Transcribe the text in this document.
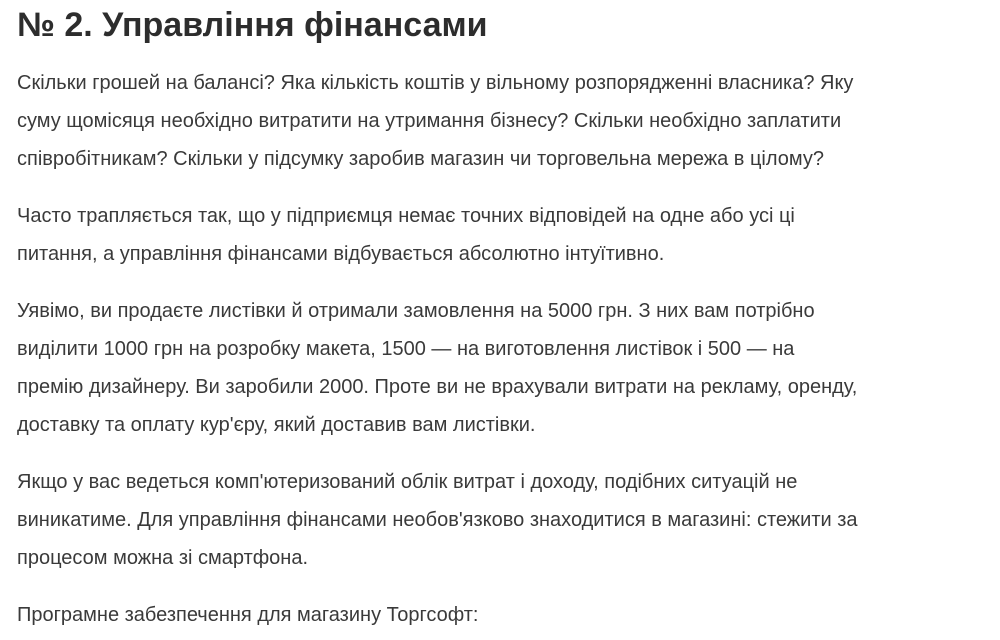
№ 2. Управління фінансами

Скільки грошей на балансі? Яка кількість коштів у вільному розпорядженні власника? Яку
суму щомісяця необхідно витратити на утримання бізнесу? Скільки необхідно заплатити
співробітникам? Скільки у підсумку заробив магазин чи торговельна мережа в цілому?

Часто трапляється так, що у підприємця немає точних відповідей на одне або усі ці
питання, а управління фінансами відбувається абсолютно інтуїтивно.

Уявімо, ви продаєте листівки й отримали замовлення на 5000 грн. З них вам потрібно
виділити 1000 грн на розробку макета, 1500 — на виготовлення листівок і 500 — на
премію дизайнеру. Ви заробили 2000. Проте ви не врахували витрати на рекламу, оренду,
доставку та оплату кур'єру, який доставив вам листівки.

Якщо у вас ведеться комп'ютеризований облік витрат і доходу, подібних ситуацій не
виникатиме. Для управління фінансами необов'язково знаходитися в магазині: стежити за
процесом можна зі смартфона.

Програмне забезпечення для магазину Торгсофт:
